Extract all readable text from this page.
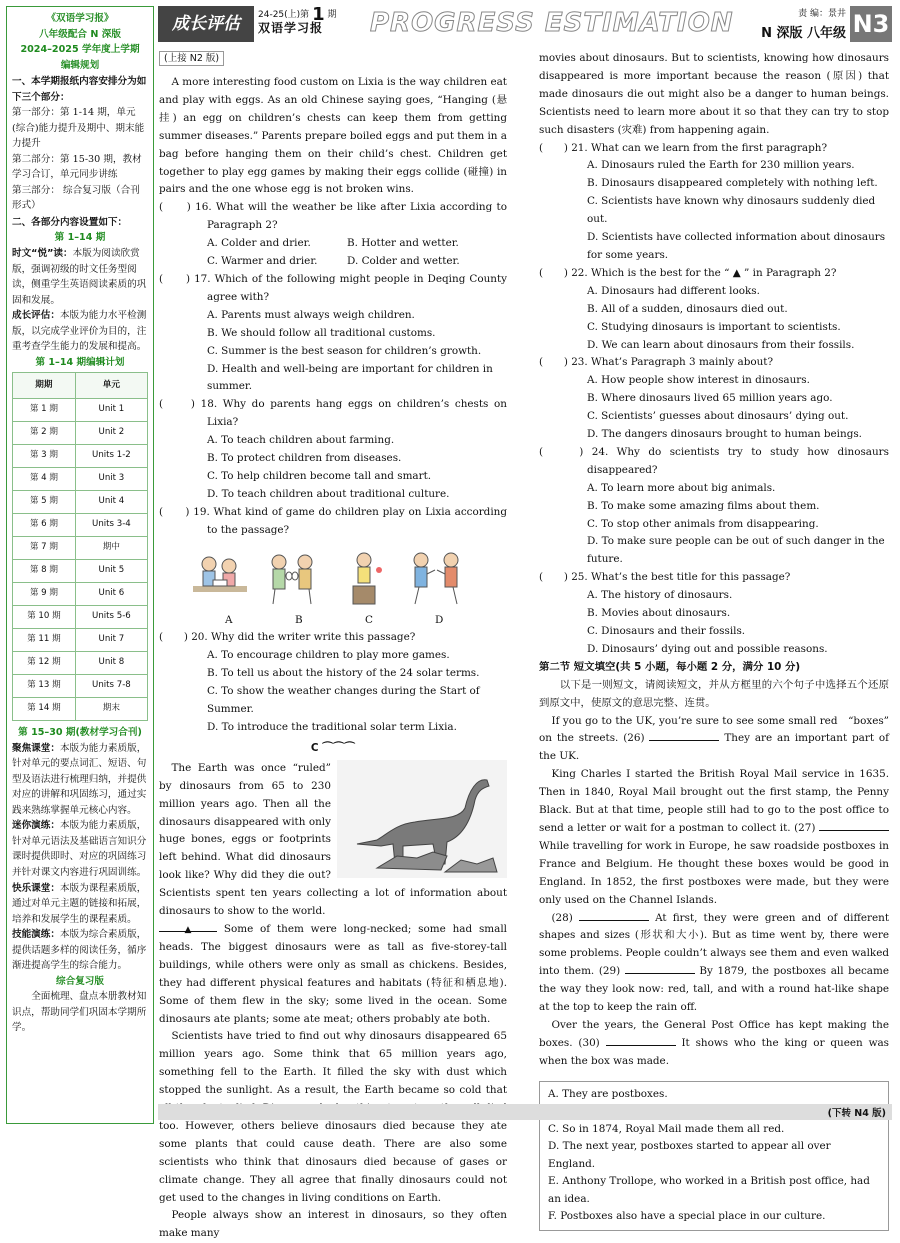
《双语学习报》
八年级配合 N 深版
2024–2025 学年度上学期
编辑规划

一、本学期报纸内容安排分为如下三个部分：

第一部分：第 1-14 期，单元(综合)能力提升及期中、期末能力提升

第二部分：第 15-30 期，教材学习合订，单元同步讲练

第三部分： 综合复习版（合刊形式）

二、各部分内容设置如下：

第 1–14 期

时文“悦”读：本版为阅读欣赏版，强调初级的时文任务型阅读，侧重学生英语阅读素质的巩固和发展。

成长评估：本版为能力水平检测版，以完成学业评价为目的，注重考查学生能力的发展和提高。

第 1–14 期编辑计划
期期	单元
第 1 期	Unit 1
第 2 期	Unit 2
第 3 期	Units 1-2
第 4 期	Unit 3
第 5 期	Unit 4
第 6 期	Units 3-4
第 7 期	期中
第 8 期	Unit 5
第 9 期	Unit 6
第 10 期	Units 5-6
第 11 期	Unit 7
第 12 期	Unit 8
第 13 期	Units 7-8
第 14 期	期末
第 15–30 期(教材学习合刊)

聚焦课堂：本版为能力素质版，针对单元的要点词汇、短语、句型及语法进行梳理归纳，并提供对应的讲解和巩固练习，通过实践来熟练掌握单元核心内容。

迷你演练：本版为能力素质版，针对单元语法及基础语言知识分课时提供即时、对应的巩固练习并针对课文内容进行巩固训练。

快乐课堂：本版为课程素质版，通过对单元主题的链接和拓展，培养和发展学生的课程素质。

技能演练：本版为综合素质版，提供话题多样的阅读任务，循序渐进提高学生的综合能力。

综合复习版

全面梳理、盘点本册教材知识点，帮助同学们巩固本学期所学。

成长评估	24-25(上)第 1 期
双语学习报	PROGRESS ESTIMATION	责 编：景井
N 深版 八年级 N3
(上接 N2 版)

A more interesting food custom on Lixia is the way children eat and play with eggs. As an old Chinese saying goes, “Hanging (悬挂) an egg on children’s chests can keep them from getting summer diseases.” Parents prepare boiled eggs and put them in a bag before hanging them on their child’s chest. Children get together to play egg games by making their eggs collide (碰撞) in pairs and the one whose egg is not broken wins.

(　　) 16. What will the weather be like after Lixia according to Paragraph 2?

A. Colder and drier.	B. Hotter and wetter.
C. Warmer and drier.	D. Colder and wetter.

(　　) 17. Which of the following might people in Deqing County agree with?

A. Parents must always weigh children.
B. We should follow all traditional customs.
C. Summer is the best season for children’s growth.
D. Health and well-being are important for children in summer.

(　　) 18. Why do parents hang eggs on children’s chests on Lixia?

A. To teach children about farming.
B. To protect children from diseases.
C. To help children become tall and smart.
D. To teach children about traditional culture.

(　　) 19. What kind of game do children play on Lixia according to the passage?

A	B	C	D

(　　) 20. Why did the writer write this passage?

A. To encourage children to play more games.
B. To tell us about the history of the 24 solar terms.
C. To show the weather changes during the Start of Summer.
D. To introduce the traditional solar term Lixia.
C ⌒⌒⌒

The Earth was once “ruled” by dinosaurs from 65 to 230 million years ago. Then all the dinosaurs disappeared with only huge bones, eggs or footprints left behind. What did dinosaurs look like? Why did they die out? Scientists spent ten years collecting a lot of information about dinosaurs to show to the world.

▲	Some of them were long-necked; some had small heads. The biggest dinosaurs were as tall as five-storey-tall buildings, while others were only as small as chickens. Besides, they had different physical features and habitats (特征和栖息地). Some of them flew in the sky; some lived in the ocean. Some dinosaurs ate plants; some ate meat; others probably ate both.

Scientists have tried to find out why dinosaurs disappeared 65 million years ago. Some think that 65 million years ago, something fell to the Earth. It filled the sky with dust which stopped the sunlight. As a result, the Earth became so cold that too. However, others believe dinosaurs died because they ate some plants that could cause death. There are also some scientists who think that dinosaurs died because of gases or climate change. They all agree that finally dinosaurs could not get used to the changes in living conditions on Earth.

People always show an interest in dinosaurs, so they often make many

movies about dinosaurs. But to scientists, knowing how dinosaurs disappeared is more important because the reason (原因) that made dinosaurs die out might also be a danger to human beings. Scientists need to learn more about it so that they can try to stop such disasters (灾难) from happening again.

(　　) 21. What can we learn from the first paragraph?

A. Dinosaurs ruled the Earth for 230 million years.
B. Dinosaurs disappeared completely with nothing left.
C. Scientists have known why dinosaurs suddenly died out.
D. Scientists have collected information about dinosaurs for some years.

(　　) 22. Which is the best for the “ ▲ ” in Paragraph 2?

A. Dinosaurs had different looks.
B. All of a sudden, dinosaurs died out.
C. Studying dinosaurs is important to scientists.
D. We can learn about dinosaurs from their fossils.

(　　) 23. What’s Paragraph 3 mainly about?

A. How people show interest in dinosaurs.
B. Where dinosaurs lived 65 million years ago.
C. Scientists’ guesses about dinosaurs’ dying out.
D. The dangers dinosaurs brought to human beings.

(　　) 24. Why do scientists try to study how dinosaurs disappeared?

A. To learn more about big animals.
B. To make some amazing films about them.
C. To stop other animals from disappearing.
D. To make sure people can be out of such danger in the future.

(　　) 25. What’s the best title for this passage?

A. The history of dinosaurs.
B. Movies about dinosaurs.
C. Dinosaurs and their fossils.
D. Dinosaurs’ dying out and possible reasons.

第二节 短文填空(共 5 小题，每小题 2 分，满分 10 分)

以下是一则短文，请阅读短文，并从方框里的六个句子中选择五个还原到原文中，使原文的意思完整、连贯。

If you go to the UK, you’re sure to see some small red　“boxes” on the streets. (26)	They are an important part of the UK.

King Charles I started the British Royal Mail service in 1635. Then in 1840, Royal Mail brought out the first stamp, the Penny Black. But at that time, people still had to go to the post office to send a letter or wait for a postman to collect it. (27)  While travelling for work in Europe, he saw roadside postboxes in France and Belgium. He thought these boxes would be good in England. In 1852, the first postboxes were made, but they were only used on the Channel Islands.

(28)	At first, they were green and of different shapes and sizes (形状和大小). But as time went by, there were some problems. People couldn’t always see them and even walked into them. (29)	By 1879, the postboxes all became the way they look now: red, tall, and with a round hat-like shape at the top to keep the rain off.

Over the years, the General Post Office has kept making the boxes. (30)	It shows who the king or queen was when the box was made.

A. They are postboxes.
C. So in 1874, Royal Mail made them all red.
D. The next year, postboxes started to appear all over England.
E. Anthony Trollope, who worked in a British post office, had an idea.
F. Postboxes also have a special place in our culture.
(下转 N4 版)
